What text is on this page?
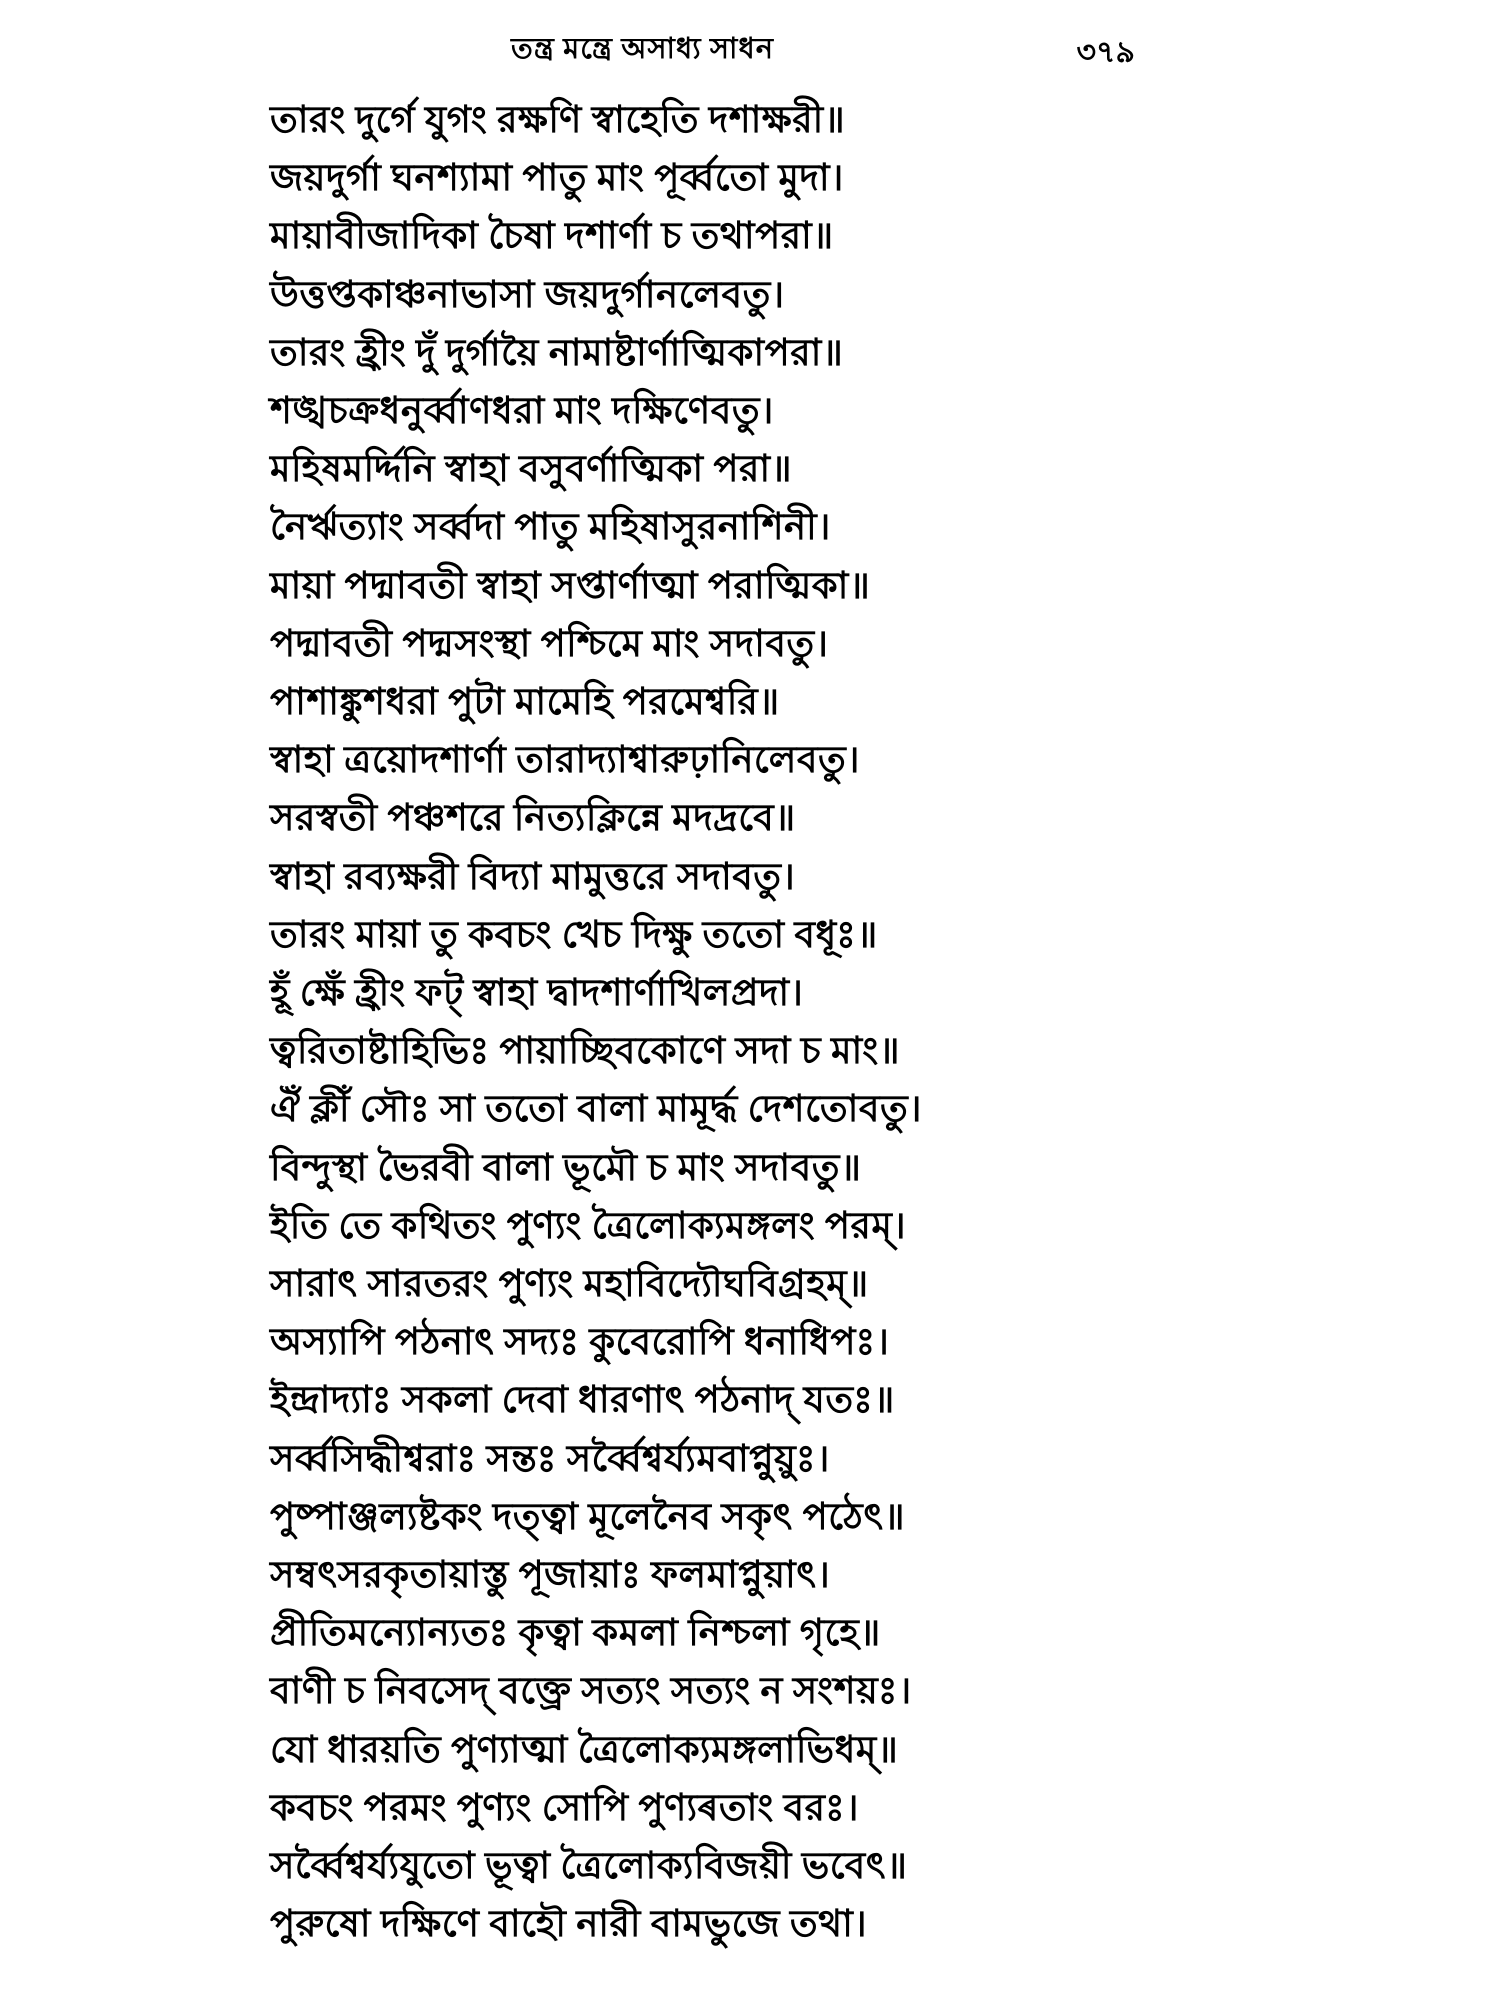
তন্ত্র মন্ত্রে অসাধ্য সাধন	৩৭৯
তারং দুর্গে যুগং রক্ষণি স্বাহেতি দশাক্ষরী॥
জয়দুর্গা ঘনশ্যামা পাতু মাং পূর্ব্বতো মুদা।
মায়াবীজাদিকা চৈষা দশার্ণা চ তথাপরা॥
উত্তপ্তকাঞ্চনাভাসা জয়দুর্গানলেবতু।
তারং হ্রীং দুঁ দুর্গায়ৈ নামাষ্টার্ণাত্মিকাপরা॥
শঙ্খচক্রধনুর্ব্বাণধরা মাং দক্ষিণেবতু।
মহিষমর্দ্দিনি স্বাহা বসুবর্ণাত্মিকা পরা॥
নৈর্ঋত্যাং সর্ব্বদা পাতু মহিষাসুরনাশিনী।
মায়া পদ্মাবতী স্বাহা সপ্তার্ণাত্মা পরাত্মিকা॥
পদ্মাবতী পদ্মসংস্থা পশ্চিমে মাং সদাবতু।
পাশাঙ্কুশধরা পুটা মামেহি পরমেশ্বরি॥
স্বাহা ত্রয়োদশার্ণা তারাদ্যাশ্বারুঢ়ানিলেবতু।
সরস্বতী পঞ্চশরে নিত্যক্লিন্নে মদদ্রবে॥
স্বাহা রব্যক্ষরী বিদ্যা মামুত্তরে সদাবতু।
তারং মায়া তু কবচং খেচ দিক্ষু ততো বধূঃ॥
হূঁ ক্ষেঁ হ্রীং ফট্ স্বাহা দ্বাদশার্ণাখিলপ্রদা।
ত্বরিতাষ্টাহিভিঃ পায়াচ্ছিবকোণে সদা চ মাং॥
ঐঁ ক্লীঁ সৌঃ সা ততো বালা মামূর্দ্ধ দেশতোবতু।
বিন্দুস্থা ভৈরবী বালা ভূমৌ চ মাং সদাবতু॥
ইতি তে কথিতং পুণ্যং ত্রৈলোক্যমঙ্গলং পরম্।
সারাৎ সারতরং পুণ্যং মহাবিদ্যৌঘবিগ্রহম্॥
অস্যাপি পঠনাৎ সদ্যঃ কুবেরোপি ধনাধিপঃ।
ইন্দ্রাদ্যাঃ সকলা দেবা ধারণাৎ পঠনাদ্ যতঃ॥
সর্ব্বসিদ্ধীশ্বরাঃ সন্তঃ সর্ব্বৈশ্বর্য্যমবাপ্নুয়ুঃ।
পুষ্পাঞ্জল্যষ্টকং দত্ত্বা মূলেনৈব সকৃৎ পঠেৎ॥
সম্বৎসরকৃতায়াস্তু পূজায়াঃ ফলমাপ্নুয়াৎ।
প্রীতিমন্যোন্যতঃ কৃত্বা কমলা নিশ্চলা গৃহে॥
বাণী চ নিবসেদ্ বক্ত্রে সত্যং সত্যং ন সংশয়ঃ।
যো ধারয়তি পুণ্যাত্মা ত্রৈলোক্যমঙ্গলাভিধম্॥
কবচং পরমং পুণ্যং সোপি পুণ্যৰতাং বরঃ।
সর্ব্বৈশ্বৰ্য্যযুতো ভূত্বা ত্রৈলোক্যবিজয়ী ভবেৎ॥
পুরুষো দক্ষিণে বাহৌ নারী বামভুজে তথা।
